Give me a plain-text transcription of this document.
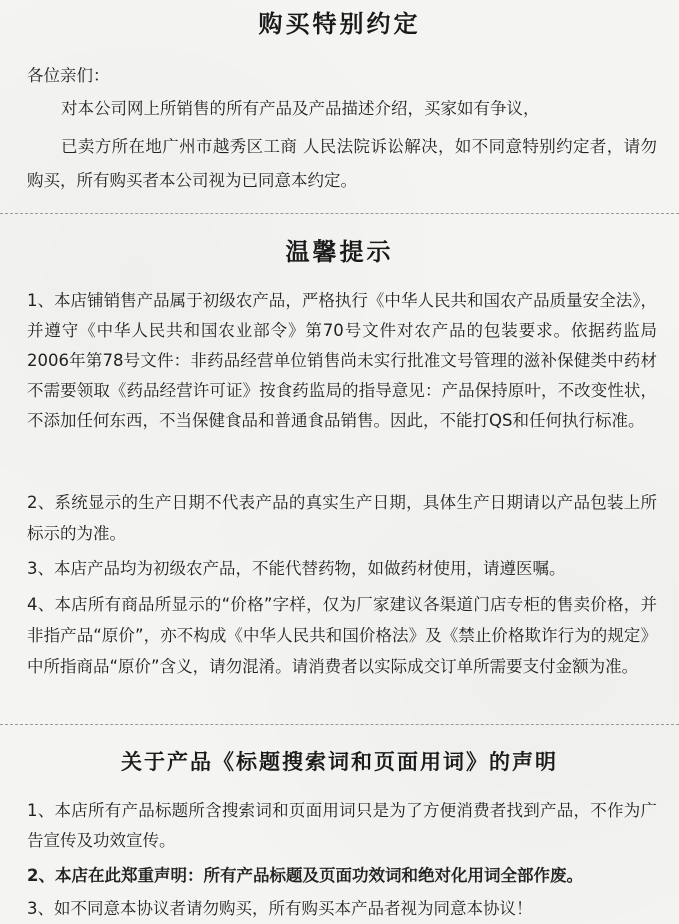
购买特别约定

各位亲们：

对本公司网上所销售的所有产品及产品描述介绍，买家如有争议，

已卖方所在地广州市越秀区工商 人民法院诉讼解决，如不同意特别约定者，请勿购买，所有购买者本公司视为已同意本约定。

温馨提示

1、本店铺销售产品属于初级农产品，严格执行《中华人民共和国农产品质量安全法》，并遵守《中华人民共和国农业部令》第70号文件对农产品的包装要求。依据药监局2006年第78号文件：非药品经营单位销售尚未实行批准文号管理的滋补保健类中药材不需要领取《药品经营许可证》按食药监局的指导意见：产品保持原叶，不改变性状，不添加任何东西，不当保健食品和普通食品销售。因此，不能打QS和任何执行标准。

2、系统显示的生产日期不代表产品的真实生产日期，具体生产日期请以产品包装上所标示的为准。

3、本店产品均为初级农产品，不能代替药物，如做药材使用，请遵医嘱。

4、本店所有商品所显示的“价格”字样，仅为厂家建议各渠道门店专柜的售卖价格，并非指产品“原价”，亦不构成《中华人民共和国价格法》及《禁止价格欺诈行为的规定》中所指商品“原价”含义，请勿混淆。请消费者以实际成交订单所需要支付金额为准。

关于产品《标题搜索词和页面用词》的声明

1、本店所有产品标题所含搜索词和页面用词只是为了方便消费者找到产品，不作为广告宣传及功效宣传。

2、本店在此郑重声明：所有产品标题及页面功效词和绝对化用词全部作废。

3、如不同意本协议者请勿购买，所有购买本产品者视为同意本协议！
